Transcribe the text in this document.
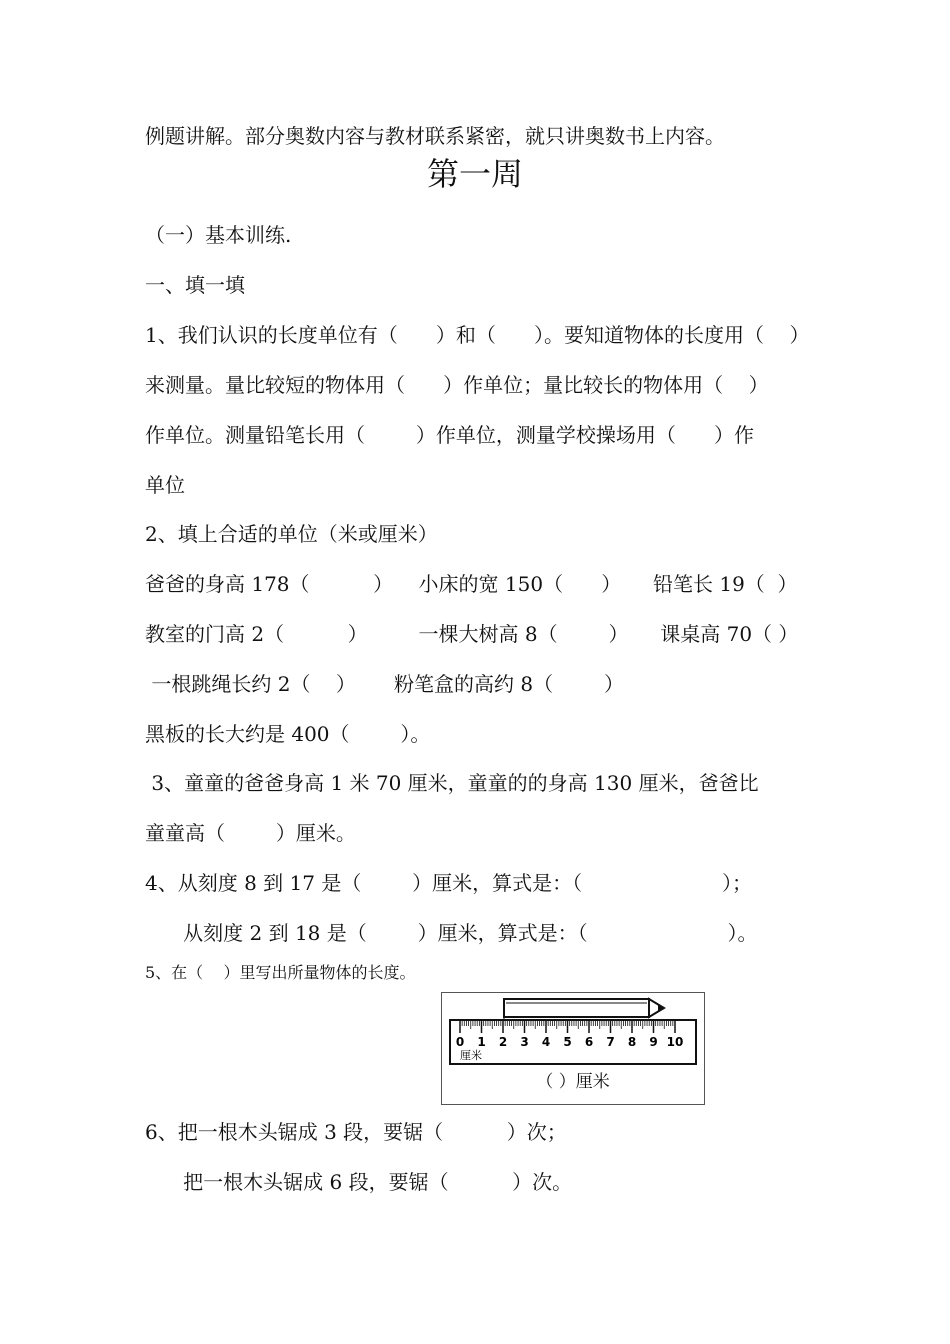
例题讲解。部分奥数内容与教材联系紧密，就只讲奥数书上内容。
第一周
（一）基本训练.
一、填一填
1、我们认识的长度单位有（      ）和（      ）。要知道物体的长度用（    ）
来测量。量比较短的物体用（      ）作单位；量比较长的物体用（    ）
作单位。测量铅笔长用（        ）作单位，测量学校操场用（      ）作
单位
2、填上合适的单位（米或厘米）
爸爸的身高 178（          ）    小床的宽 150（      ）     铅笔长 19（  ）
教室的门高 2（          ）        一棵大树高 8（        ）     课桌高 70（ ）
一根跳绳长约 2（    ）      粉笔盒的高约 8（        ）
黑板的长大约是 400（        ）。
3、童童的爸爸身高 1 米 70 厘米，童童的的身高 130 厘米，爸爸比
童童高（        ）厘米。
4、从刻度 8 到 17 是（        ）厘米，算式是：（                      ）；
从刻度 2 到 18 是（        ）厘米，算式是：（                      ）。
5、在（    ）里写出所量物体的长度。
0 1 2 3 4 5 6 7 8 9 10
厘米
（ ）厘米
6、把一根木头锯成 3 段，要锯（          ）次；
把一根木头锯成 6 段，要锯（          ）次。
